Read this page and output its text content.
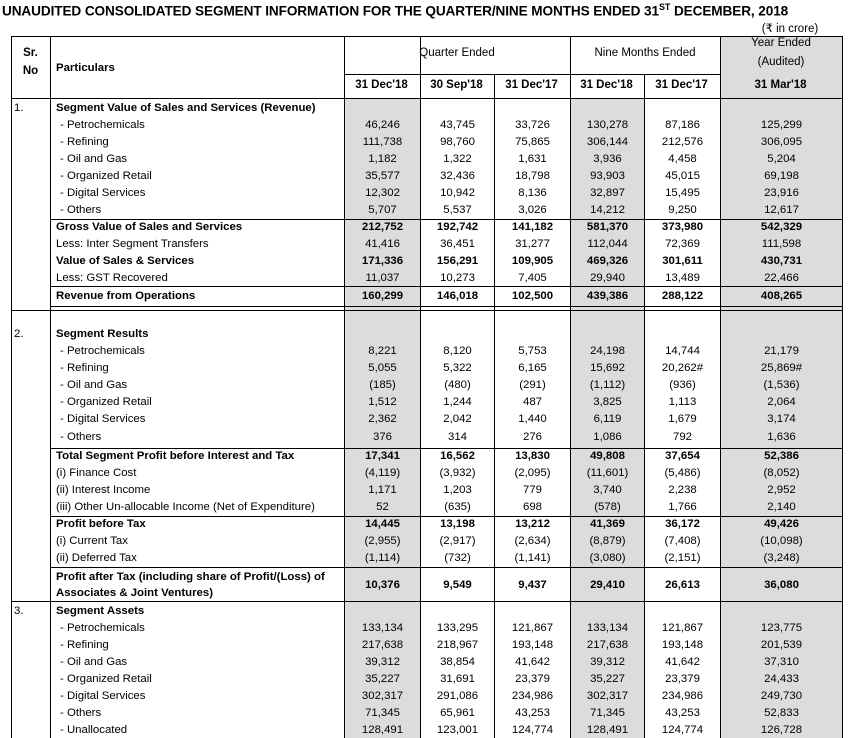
UNAUDITED CONSOLIDATED SEGMENT INFORMATION FOR THE QUARTER/NINE MONTHS ENDED 31ST DECEMBER, 2018
(₹ in crore)
Sr.
No	Particulars
Quarter Ended	Nine Months Ended
Year Ended
(Audited)
31 Dec'18	30 Sep'18	31 Dec'17	31 Dec'18	31 Dec'17	31 Mar'18
1.	Segment Value of Sales and Services (Revenue)
- Petrochemicals	46,246	43,745	33,726	130,278	87,186	125,299
- Refining	111,738	98,760	75,865	306,144	212,576	306,095
- Oil and Gas	1,182	1,322	1,631	3,936	4,458	5,204
- Organized Retail	35,577	32,436	18,798	93,903	45,015	69,198
- Digital Services	12,302	10,942	8,136	32,897	15,495	23,916
- Others	5,707	5,537	3,026	14,212	9,250	12,617
Gross Value of Sales and Services	212,752	192,742	141,182	581,370	373,980	542,329
Less: Inter Segment Transfers	41,416	36,451	31,277	112,044	72,369	111,598
Value of Sales & Services	171,336	156,291	109,905	469,326	301,611	430,731
Less: GST Recovered	11,037	10,273	7,405	29,940	13,489	22,466
Revenue from Operations	160,299	146,018	102,500	439,386	288,122	408,265
2.	Segment Results
- Petrochemicals	8,221	8,120	5,753	24,198	14,744	21,179
- Refining	5,055	5,322	6,165	15,692	20,262#	25,869#
- Oil and Gas	(185)	(480)	(291)	(1,112)	(936)	(1,536)
- Organized Retail	1,512	1,244	487	3,825	1,113	2,064
- Digital Services	2,362	2,042	1,440	6,119	1,679	3,174
- Others	376	314	276	1,086	792	1,636
Total Segment Profit before Interest and Tax	17,341	16,562	13,830	49,808	37,654	52,386
(i) Finance Cost	(4,119)	(3,932)	(2,095)	(11,601)	(5,486)	(8,052)
(ii) Interest Income	1,171	1,203	779	3,740	2,238	2,952
(iii) Other Un-allocable Income (Net of Expenditure)	52	(635)	698	(578)	1,766	2,140
Profit before Tax	14,445	13,198	13,212	41,369	36,172	49,426
(i) Current Tax	(2,955)	(2,917)	(2,634)	(8,879)	(7,408)	(10,098)
(ii) Deferred Tax	(1,114)	(732)	(1,141)	(3,080)	(2,151)	(3,248)
Profit after Tax (including share of Profit/(Loss) of
Associates & Joint Ventures)
10,376	9,549	9,437	29,410	26,613	36,080
3.	Segment Assets
- Petrochemicals	133,134	133,295	121,867	133,134	121,867	123,775
- Refining	217,638	218,967	193,148	217,638	193,148	201,539
- Oil and Gas	39,312	38,854	41,642	39,312	41,642	37,310
- Organized Retail	35,227	31,691	23,379	35,227	23,379	24,433
- Digital Services	302,317	291,086	234,986	302,317	234,986	249,730
- Others	71,345	65,961	43,253	71,345	43,253	52,833
- Unallocated	128,491	123,001	124,774	128,491	124,774	126,728
